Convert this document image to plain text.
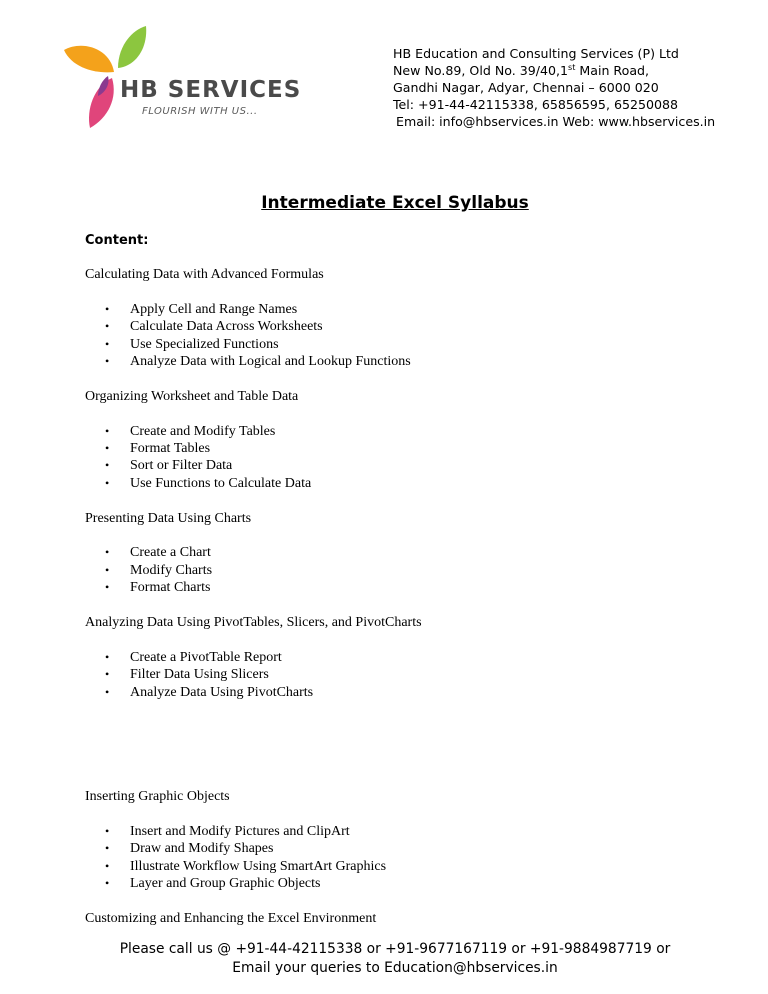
HB SERVICES
FLOURISH WITH US...
HB Education and Consulting Services (P) Ltd
New No.89, Old No. 39/40,1st Main Road,
Gandhi Nagar, Adyar, Chennai – 6000 020
Tel: +91-44-42115338, 65856595, 65250088
Email: info@hbservices.in Web: www.hbservices.in
Intermediate Excel Syllabus
Content:
Calculating Data with Advanced Formulas
• Apply Cell and Range Names
• Calculate Data Across Worksheets
• Use Specialized Functions
• Analyze Data with Logical and Lookup Functions
Organizing Worksheet and Table Data
• Create and Modify Tables
• Format Tables
• Sort or Filter Data
• Use Functions to Calculate Data
Presenting Data Using Charts
• Create a Chart
• Modify Charts
• Format Charts
Analyzing Data Using PivotTables, Slicers, and PivotCharts
• Create a PivotTable Report
• Filter Data Using Slicers
• Analyze Data Using PivotCharts
Inserting Graphic Objects
• Insert and Modify Pictures and ClipArt
• Draw and Modify Shapes
• Illustrate Workflow Using SmartArt Graphics
• Layer and Group Graphic Objects
Customizing and Enhancing the Excel Environment
Please call us @ +91-44-42115338 or +91-9677167119 or +91-9884987719 or
Email your queries to Education@hbservices.in
